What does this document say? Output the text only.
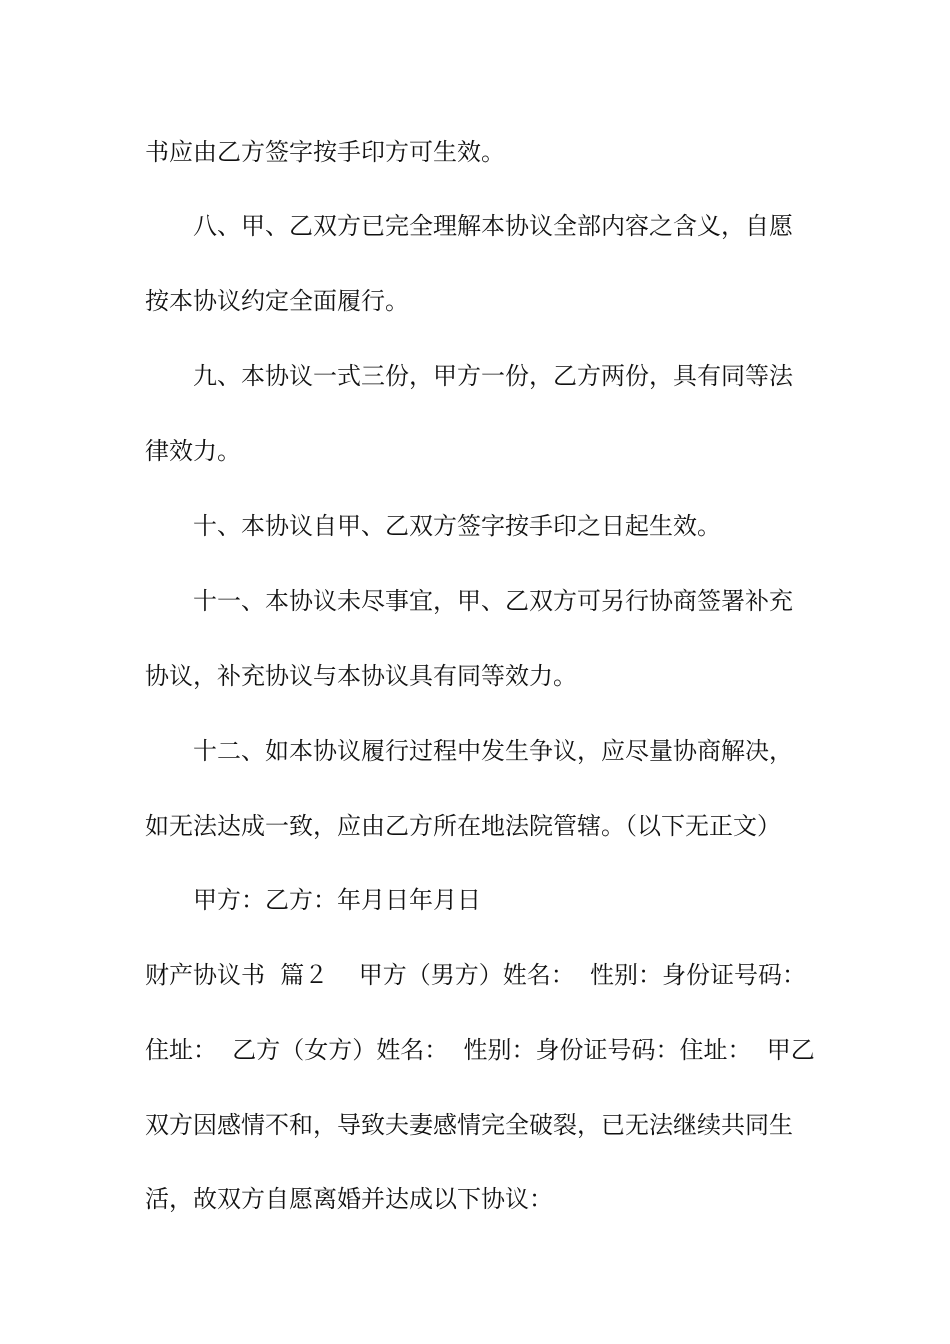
书应由乙方签字按手印方可生效。
八、甲、乙双方已完全理解本协议全部内容之含义，自愿
按本协议约定全面履行。
九、本协议一式三份，甲方一份，乙方两份，具有同等法
律效力。
十、本协议自甲、乙双方签字按手印之日起生效。
十一、本协议未尽事宜，甲、乙双方可另行协商签署补充
协议，补充协议与本协议具有同等效力。
十二、如本协议履行过程中发生争议，应尽量协商解决，
如无法达成一致，应由乙方所在地法院管辖。（以下无正文）
甲方：乙方：年月日年月日
财产协议书  篇２    甲方（男方）姓名：  性别：身份证号码：
住址：  乙方（女方）姓名：  性别：身份证号码：住址：  甲乙
双方因感情不和，导致夫妻感情完全破裂，已无法继续共同生
活，故双方自愿离婚并达成以下协议：
